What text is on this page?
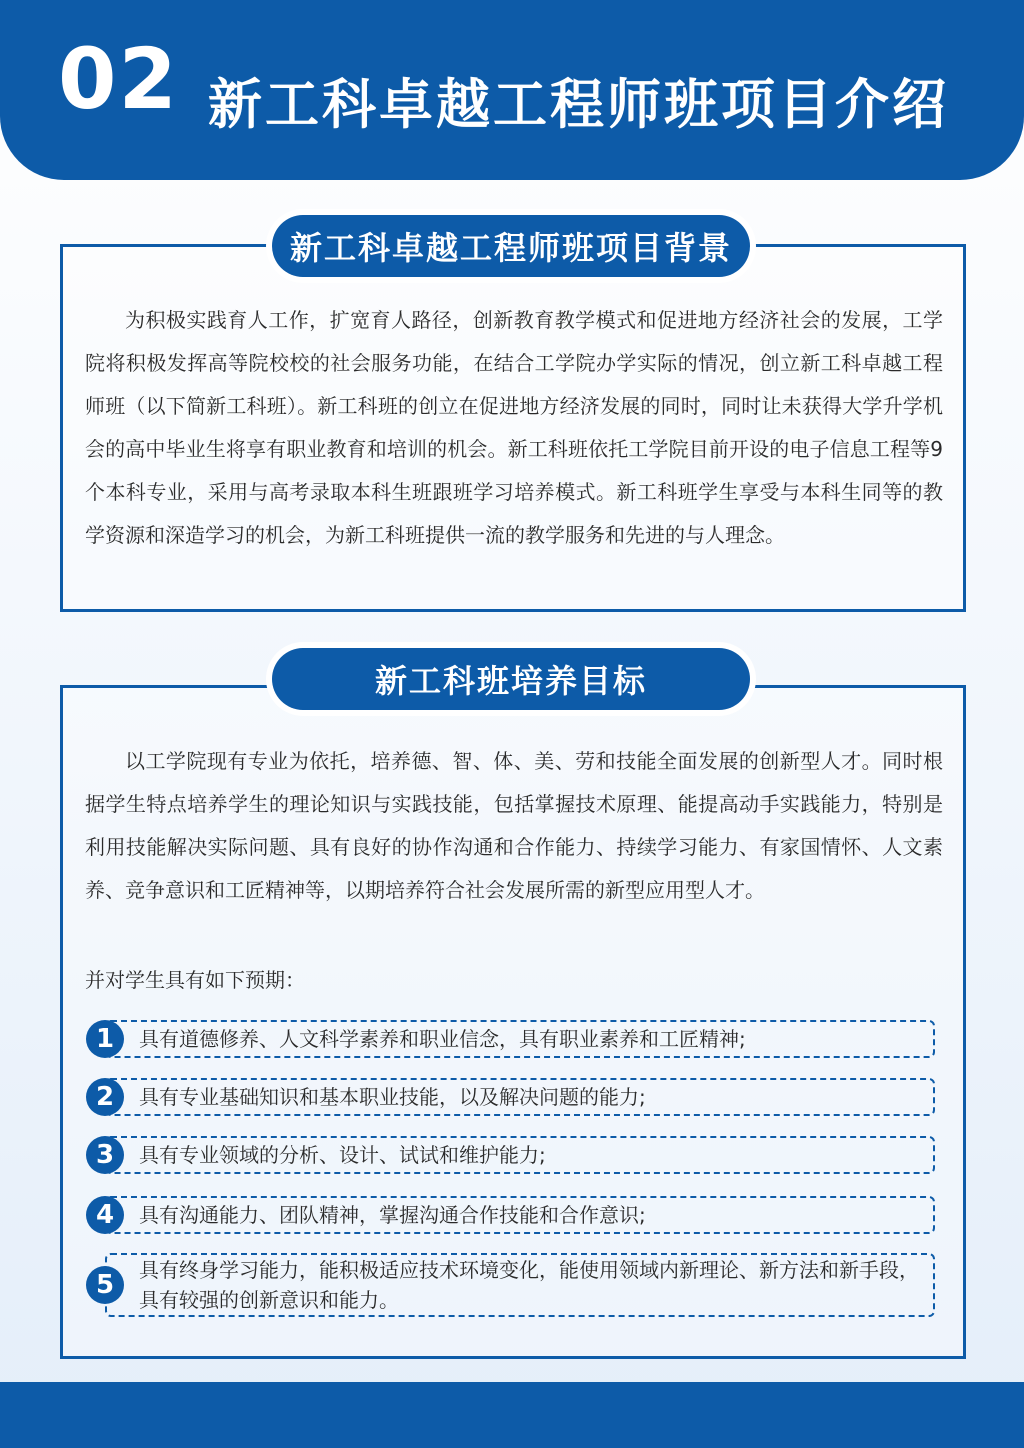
02 新工科卓越工程师班项目介绍

为积极实践育人工作，扩宽育人路径，创新教育教学模式和促进地方经济社会的发展，工学院将积极发挥高等院校校的社会服务功能，在结合工学院办学实际的情况，创立新工科卓越工程师班（以下简新工科班）。新工科班的创立在促进地方经济发展的同时，同时让未获得大学升学机会的高中毕业生将享有职业教育和培训的机会。新工科班依托工学院目前开设的电子信息工程等9个本科专业，采用与高考录取本科生班跟班学习培养模式。新工科班学生享受与本科生同等的教学资源和深造学习的机会，为新工科班提供一流的教学服务和先进的与人理念。

新工科卓越工程师班项目背景

以工学院现有专业为依托，培养德、智、体、美、劳和技能全面发展的创新型人才。同时根据学生特点培养学生的理论知识与实践技能，包括掌握技术原理、能提高动手实践能力，特别是利用技能解决实际问题、具有良好的协作沟通和合作能力、持续学习能力、有家国情怀、人文素养、竞争意识和工匠精神等，以期培养符合社会发展所需的新型应用型人才。

并对学生具有如下预期：
具有道德修养、人文科学素养和职业信念，具有职业素养和工匠精神;
1
具有专业基础知识和基本职业技能，以及解决问题的能力;
2
具有专业领域的分析、设计、试试和维护能力;
3
具有沟通能力、团队精神，掌握沟通合作技能和合作意识;
4
具有终身学习能力，能积极适应技术环境变化，能使用领域内新理论、新方法和新手段，具有较强的创新意识和能力。
5
新工科班培养目标
